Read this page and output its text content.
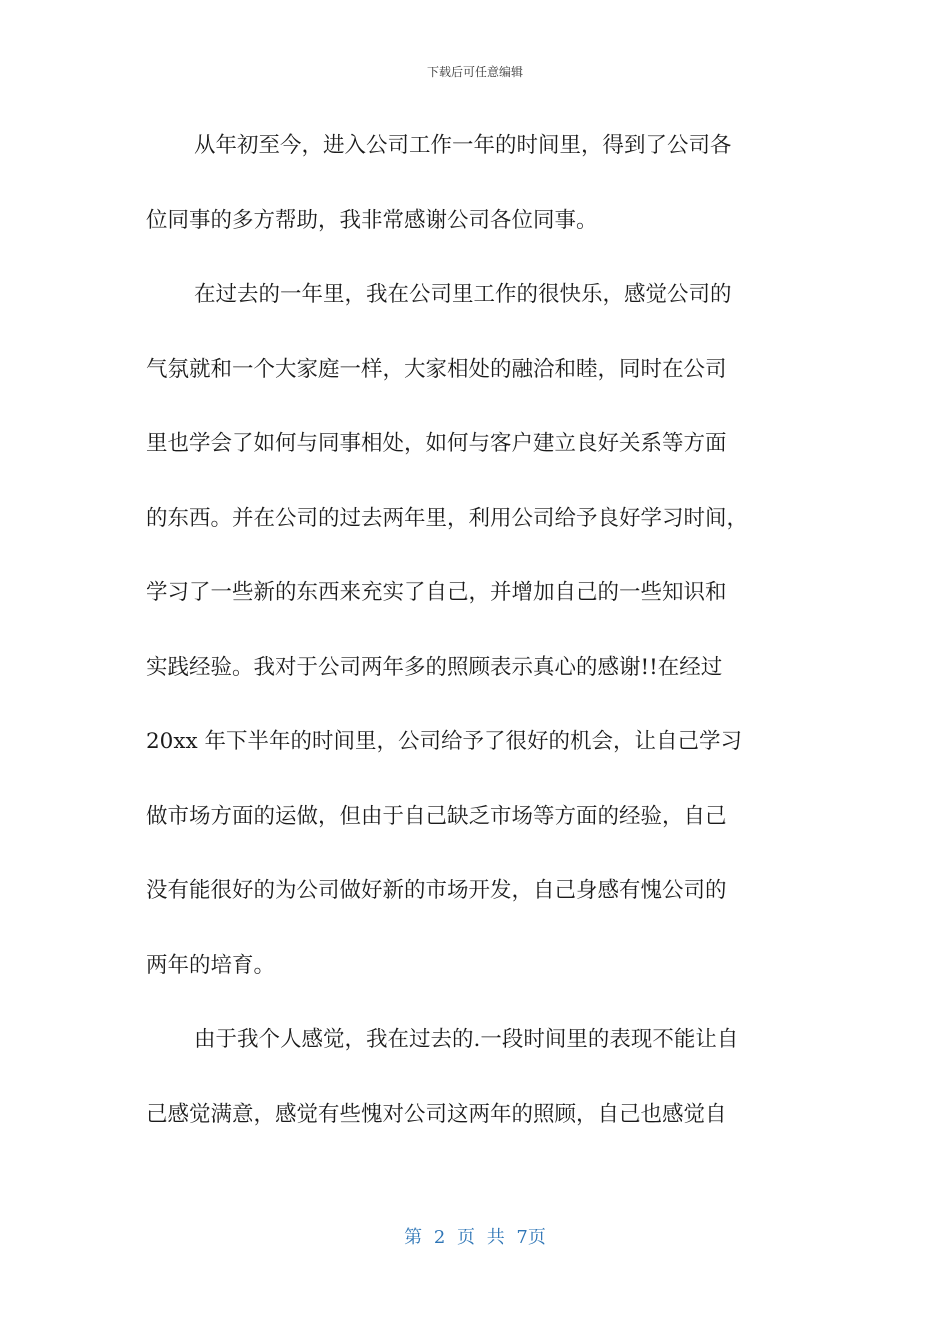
下载后可任意编辑
从年初至今，进入公司工作一年的时间里，得到了公司各
位同事的多方帮助，我非常感谢公司各位同事。
在过去的一年里，我在公司里工作的很快乐，感觉公司的
气氛就和一个大家庭一样，大家相处的融洽和睦，同时在公司
里也学会了如何与同事相处，如何与客户建立良好关系等方面
的东西。并在公司的过去两年里，利用公司给予良好学习时间，
学习了一些新的东西来充实了自己，并增加自己的一些知识和
实践经验。我对于公司两年多的照顾表示真心的感谢!!在经过
20xx 年下半年的时间里，公司给予了很好的机会，让自己学习
做市场方面的运做，但由于自己缺乏市场等方面的经验，自己
没有能很好的为公司做好新的市场开发，自己身感有愧公司的
两年的培育。
由于我个人感觉，我在过去的.一段时间里的表现不能让自
己感觉满意，感觉有些愧对公司这两年的照顾，自己也感觉自
第 2 页 共 7页
